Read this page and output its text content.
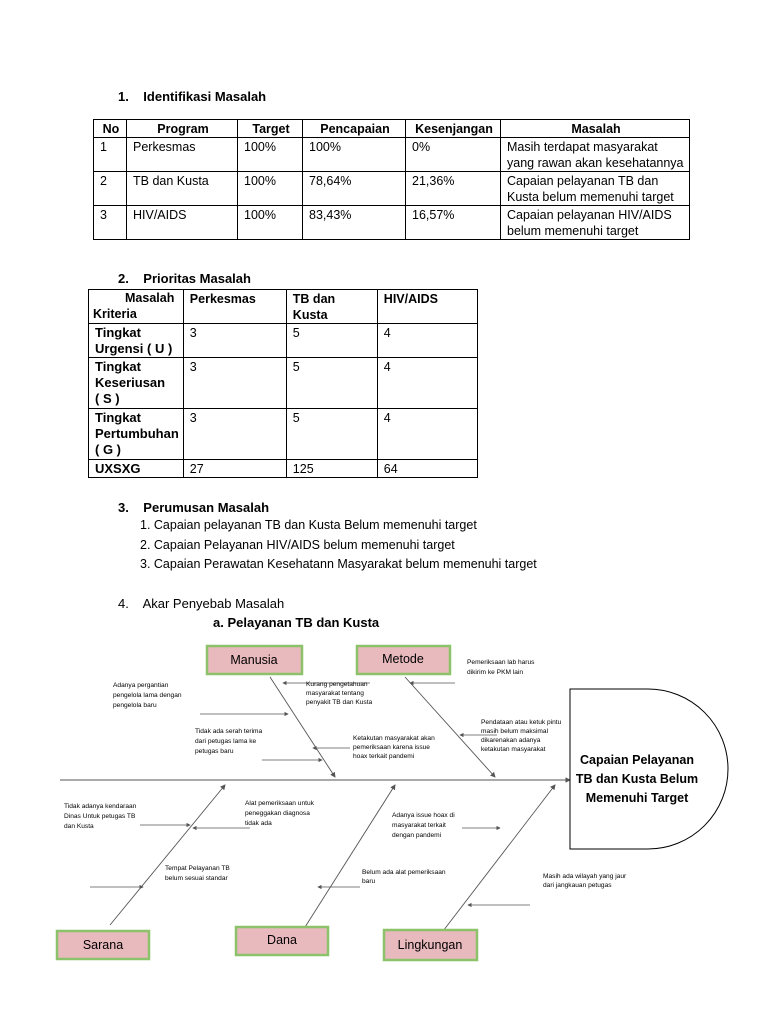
1. Identifikasi Masalah
No	Program	Target	Pencapaian	Kesenjangan	Masalah
1	Perkesmas	100%	100%	0%	Masih terdapat masyarakat
yang rawan akan kesehatannya

2	TB dan Kusta	100%	78,64%	21,36%	Capaian pelayanan TB dan
Kusta belum memenuhi target

3	HIV/AIDS	100%	83,43%	16,57%	Capaian pelayanan HIV/AIDS
belum memenuhi target
2. Prioritas Masalah
Masalah
Kriteria	Perkesmas	TB dan Kusta	HIV/AIDS

Tingkat
Urgensi ( U )	3	5	4

Tingkat
Keseriusan
( S )	3	5	4

Tingkat
Pertumbuhan
( G )	3	5	4
UXSXG	27	125	64
3. Perumusan Masalah
1. Capaian pelayanan TB dan Kusta Belum memenuhi target
2. Capaian Pelayanan HIV/AIDS belum memenuhi target
3. Capaian Perawatan Kesehatann Masyarakat belum memenuhi target
4. Akar Penyebab Masalah
a. Pelayanan TB dan Kusta
Capaian Pelayanan
TB dan Kusta Belum
Memenuhi Target
Adanya pergantian
pengelola lama dengan
pengelola baru
Kurang pengetahuan
masyarakat tentang
penyakit TB dan Kusta
Tidak ada serah terima
dari petugas lama ke
petugas baru
Ketakutan masyarakat akan
pemeriksaan karena issue
hoax terkait pandemi
Pemeriksaan lab harus
dikirim ke PKM lain
Pendataan atau ketuk pintu
masih belum maksimal
dikarenakan adanya
ketakutan masyarakat
Tidak adanya kendaraan
Dinas Untuk petugas TB
dan Kusta
Tempat Pelayanan TB
belum sesuai standar
Alat pemeriksaan untuk
peneggakan diagnosa
tidak ada
Belum ada alat pemeriksaan
baru
Adanya issue hoax di
masyarakat terkait
dengan pandemi
Masih ada wilayah yang jaur
dari jangkauan petugas
Manusia	Metode
Sarana	Dana	Lingkungan
